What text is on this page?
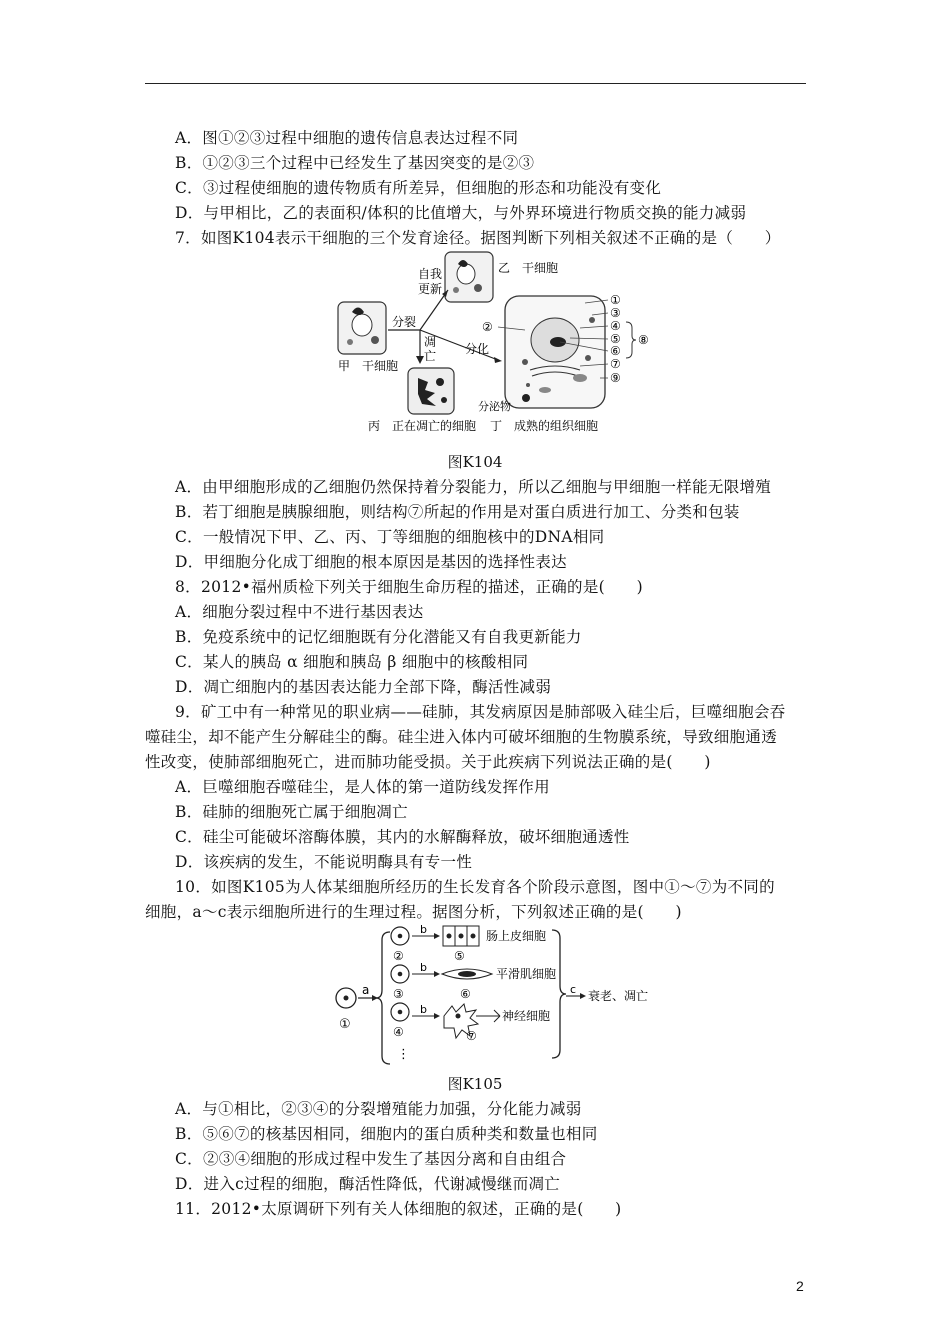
A．图①②③过程中细胞的遗传信息表达过程不同
B．①②③三个过程中已经发生了基因突变的是②③
C．③过程使细胞的遗传物质有所差异，但细胞的形态和功能没有变化
D．与甲相比，乙的表面积/体积的比值增大，与外界环境进行物质交换的能力减弱
7．如图K104表示干细胞的三个发育途径。据图判断下列相关叙述不正确的是（　　）
乙　干细胞
自我
更新
甲　干细胞
分裂
分化
凋
亡
丙　正在凋亡的细胞
分泌物
丁　成熟的组织细胞
①
③
④
⑤
⑥
⑦
⑨
②
⑧
图K104
A．由甲细胞形成的乙细胞仍然保持着分裂能力，所以乙细胞与甲细胞一样能无限增殖
B．若丁细胞是胰腺细胞，则结构⑦所起的作用是对蛋白质进行加工、分类和包装
C．一般情况下甲、乙、丙、丁等细胞的细胞核中的DNA相同
D．甲细胞分化成丁细胞的根本原因是基因的选择性表达
8．2012•福州质检下列关于细胞生命历程的描述，正确的是(　　)
A．细胞分裂过程中不进行基因表达
B．免疫系统中的记忆细胞既有分化潜能又有自我更新能力
C．某人的胰岛 α 细胞和胰岛 β 细胞中的核酸相同
D．凋亡细胞内的基因表达能力全部下降，酶活性减弱
9．矿工中有一种常见的职业病——硅肺，其发病原因是肺部吸入硅尘后，巨噬细胞会吞
噬硅尘，却不能产生分解硅尘的酶。硅尘进入体内可破坏细胞的生物膜系统，导致细胞通透
性改变，使肺部细胞死亡，进而肺功能受损。关于此疾病下列说法正确的是(　　)
A．巨噬细胞吞噬硅尘，是人体的第一道防线发挥作用
B．硅肺的细胞死亡属于细胞凋亡
C．硅尘可能破坏溶酶体膜，其内的水解酶释放，破坏细胞通透性
D．该疾病的发生，不能说明酶具有专一性
10．如图K105为人体某细胞所经历的生长发育各个阶段示意图，图中①～⑦为不同的
细胞，a～c表示细胞所进行的生理过程。据图分析，下列叙述正确的是(　　)
①
a
②
b
⑤
肠上皮细胞
③
b
⑥
平滑肌细胞
④
b
⑦
神经细胞
⋮
c 衰老、凋亡
图K105
A．与①相比，②③④的分裂增殖能力加强，分化能力减弱
B．⑤⑥⑦的核基因相同，细胞内的蛋白质种类和数量也相同
C．②③④细胞的形成过程中发生了基因分离和自由组合
D．进入c过程的细胞，酶活性降低，代谢减慢继而凋亡
11．2012•太原调研下列有关人体细胞的叙述，正确的是(　　)
2
